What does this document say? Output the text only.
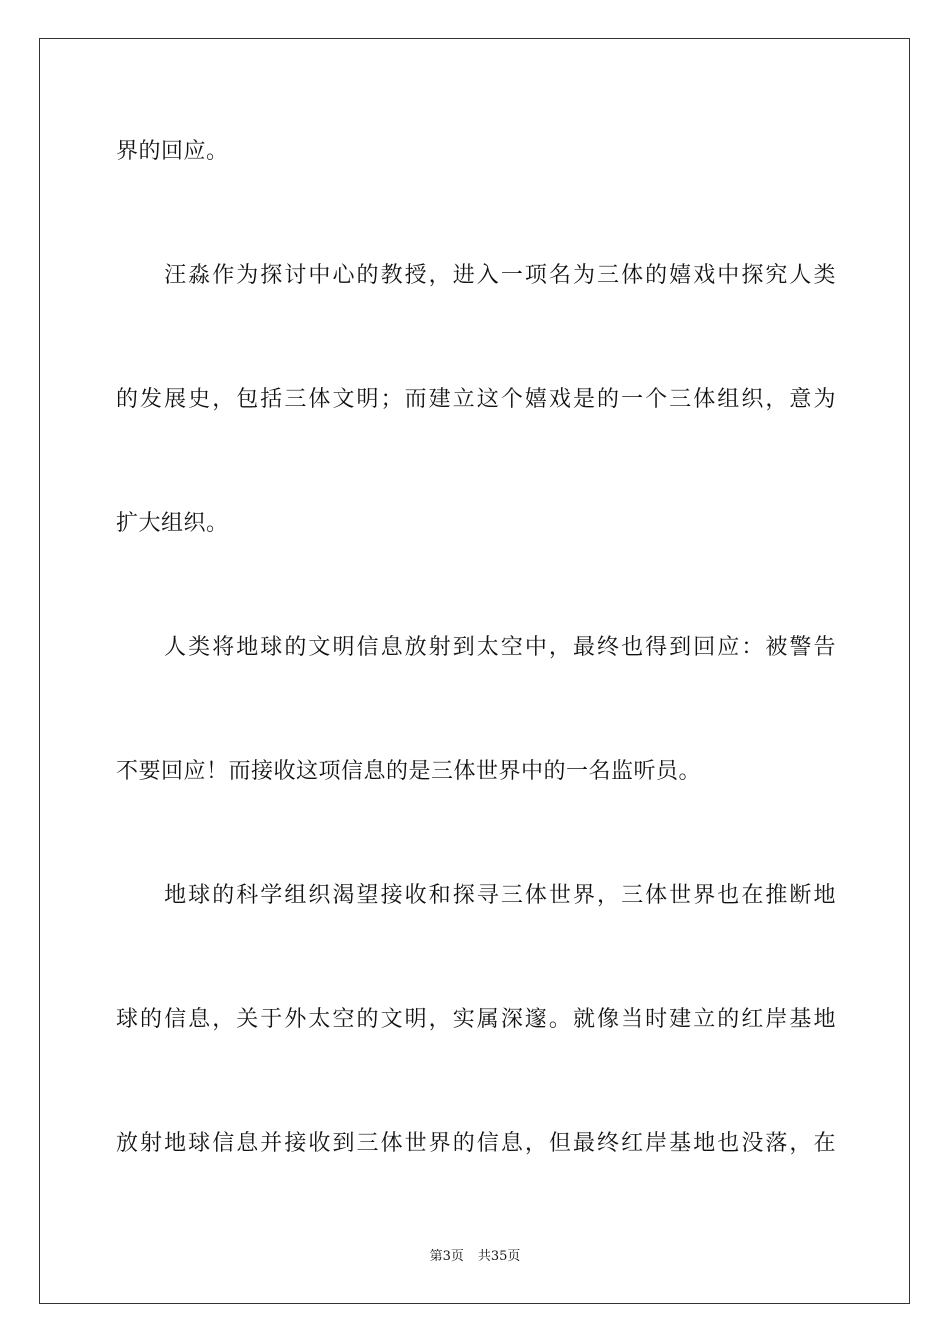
界的回应。
　　汪淼作为探讨中心的教授，进入一项名为三体的嬉戏中探究人类
的发展史，包括三体文明；而建立这个嬉戏是的一个三体组织，意为
扩大组织。
　　人类将地球的文明信息放射到太空中，最终也得到回应：被警告
不要回应！而接收这项信息的是三体世界中的一名监听员。
　　地球的科学组织渴望接收和探寻三体世界，三体世界也在推断地
球的信息，关于外太空的文明，实属深邃。就像当时建立的红岸基地
放射地球信息并接收到三体世界的信息，但最终红岸基地也没落，在
第3页 共35页
